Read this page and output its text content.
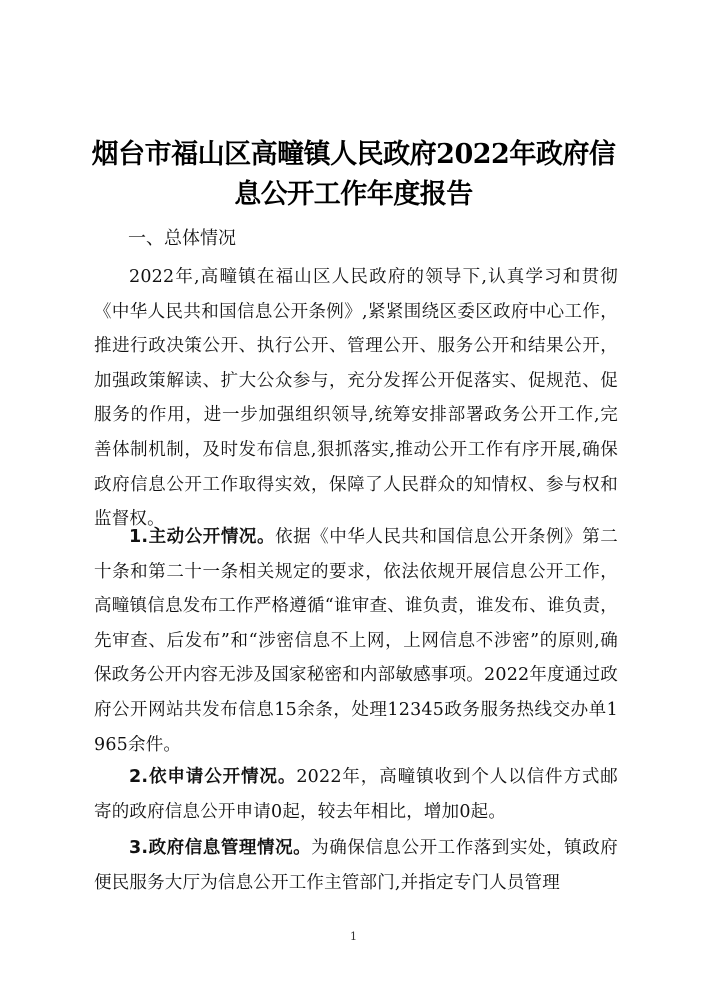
烟台市福山区高疃镇人民政府2022年政府信
息公开工作年度报告
一、总体情况
2022年,高疃镇在福山区人民政府的领导下,认真学习和贯彻《中华人民共和国信息公开条例》,紧紧围绕区委区政府中心工作，推进行政决策公开、执行公开、管理公开、服务公开和结果公开，加强政策解读、扩大公众参与，充分发挥公开促落实、促规范、促服务的作用，进一步加强组织领导,统筹安排部署政务公开工作,完善体制机制，及时发布信息,狠抓落实,推动公开工作有序开展,确保政府信息公开工作取得实效，保障了人民群众的知情权、参与权和监督权。
1.主动公开情况。依据《中华人民共和国信息公开条例》第二十条和第二十一条相关规定的要求，依法依规开展信息公开工作，高疃镇信息发布工作严格遵循“谁审查、谁负责，谁发布、谁负责，先审查、后发布”和“涉密信息不上网，上网信息不涉密”的原则,确保政务公开内容无涉及国家秘密和内部敏感事项。2022年度通过政府公开网站共发布信息15余条，处理12345政务服务热线交办单1965余件。
2.依申请公开情况。2022年，高疃镇收到个人以信件方式邮寄的政府信息公开申请0起，较去年相比，增加0起。
3.政府信息管理情况。为确保信息公开工作落到实处，镇政府便民服务大厅为信息公开工作主管部门,并指定专门人员管理
1
